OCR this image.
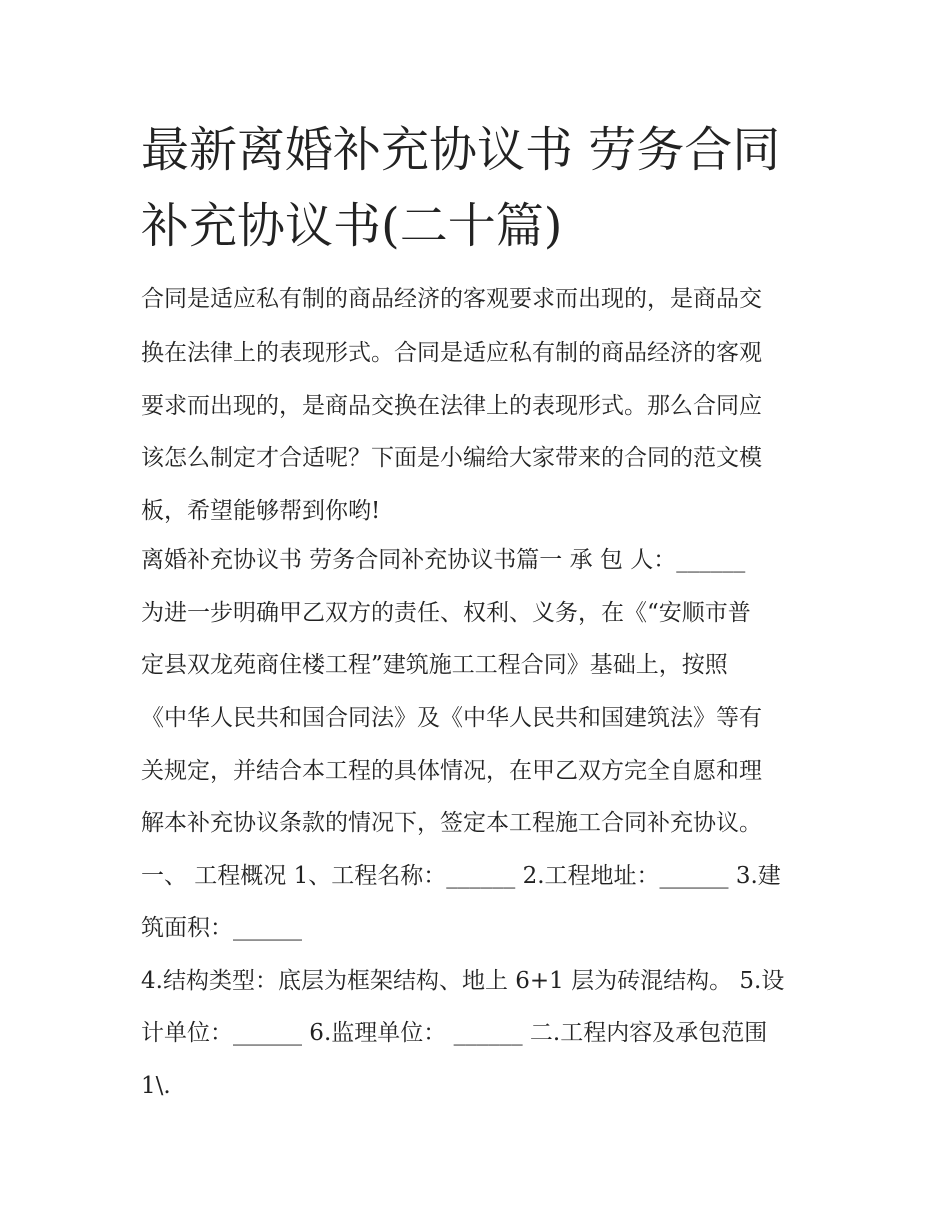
最新离婚补充协议书 劳务合同
补充协议书(二十篇)
合同是适应私有制的商品经济的客观要求而出现的，是商品交
换在法律上的表现形式。合同是适应私有制的商品经济的客观
要求而出现的，是商品交换在法律上的表现形式。那么合同应
该怎么制定才合适呢？下面是小编给大家带来的合同的范文模
板，希望能够帮到你哟!
离婚补充协议书 劳务合同补充协议书篇一 承 包 人：______
为进一步明确甲乙双方的责任、权利、义务，在《“安顺市普
定县双龙苑商住楼工程”建筑施工工程合同》基础上，按照
《中华人民共和国合同法》及《中华人民共和国建筑法》等有
关规定，并结合本工程的具体情况，在甲乙双方完全自愿和理
解本补充协议条款的情况下，签定本工程施工合同补充协议。
一、 工程概况 1、工程名称：______ 2.工程地址：______ 3.建
筑面积：______
4.结构类型：底层为框架结构、地上 6+1 层为砖混结构。 5.设
计单位：______ 6.监理单位： ______ 二.工程内容及承包范围
1\.
